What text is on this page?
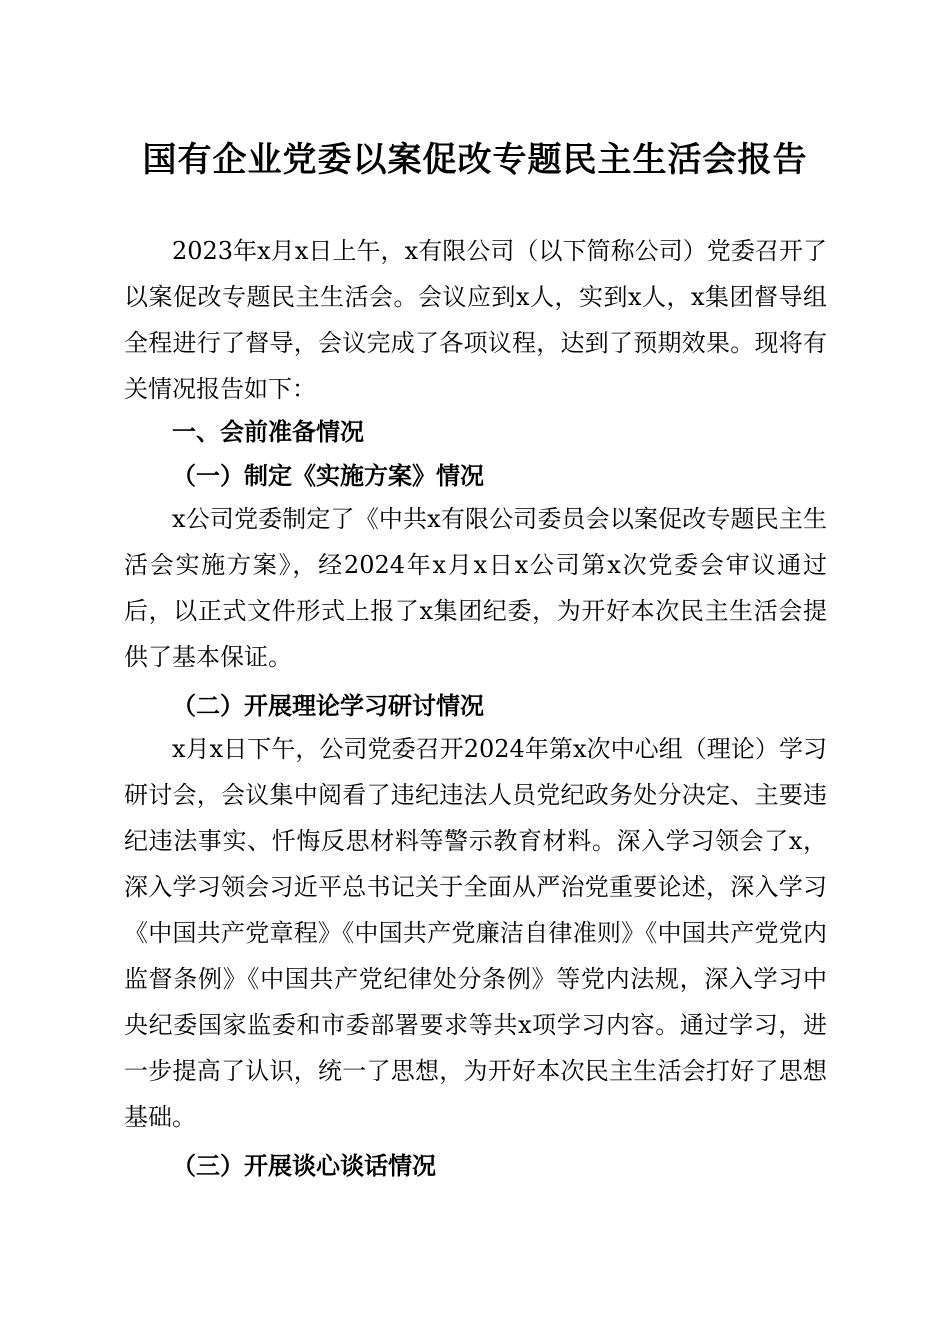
国有企业党委以案促改专题民主生活会报告

2023年x月x日上午，x有限公司（以下简称公司）党委召开了以案促改专题民主生活会。会议应到x人，实到x人，x集团督导组全程进行了督导，会议完成了各项议程，达到了预期效果。现将有关情况报告如下：

一、会前准备情况
（一）制定《实施方案》情况

x公司党委制定了《中共x有限公司委员会以案促改专题民主生活会实施方案》，经2024年x月x日x公司第x次党委会审议通过后，以正式文件形式上报了x集团纪委，为开好本次民主生活会提供了基本保证。

（二）开展理论学习研讨情况

x月x日下午，公司党委召开2024年第x次中心组（理论）学习研讨会，会议集中阅看了违纪违法人员党纪政务处分决定、主要违纪违法事实、忏悔反思材料等警示教育材料。深入学习领会了x，深入学习领会习近平总书记关于全面从严治党重要论述，深入学习《中国共产党章程》《中国共产党廉洁自律准则》《中国共产党党内监督条例》《中国共产党纪律处分条例》等党内法规，深入学习中央纪委国家监委和市委部署要求等共x项学习内容。通过学习，进一步提高了认识，统一了思想，为开好本次民主生活会打好了思想基础。

（三）开展谈心谈话情况
